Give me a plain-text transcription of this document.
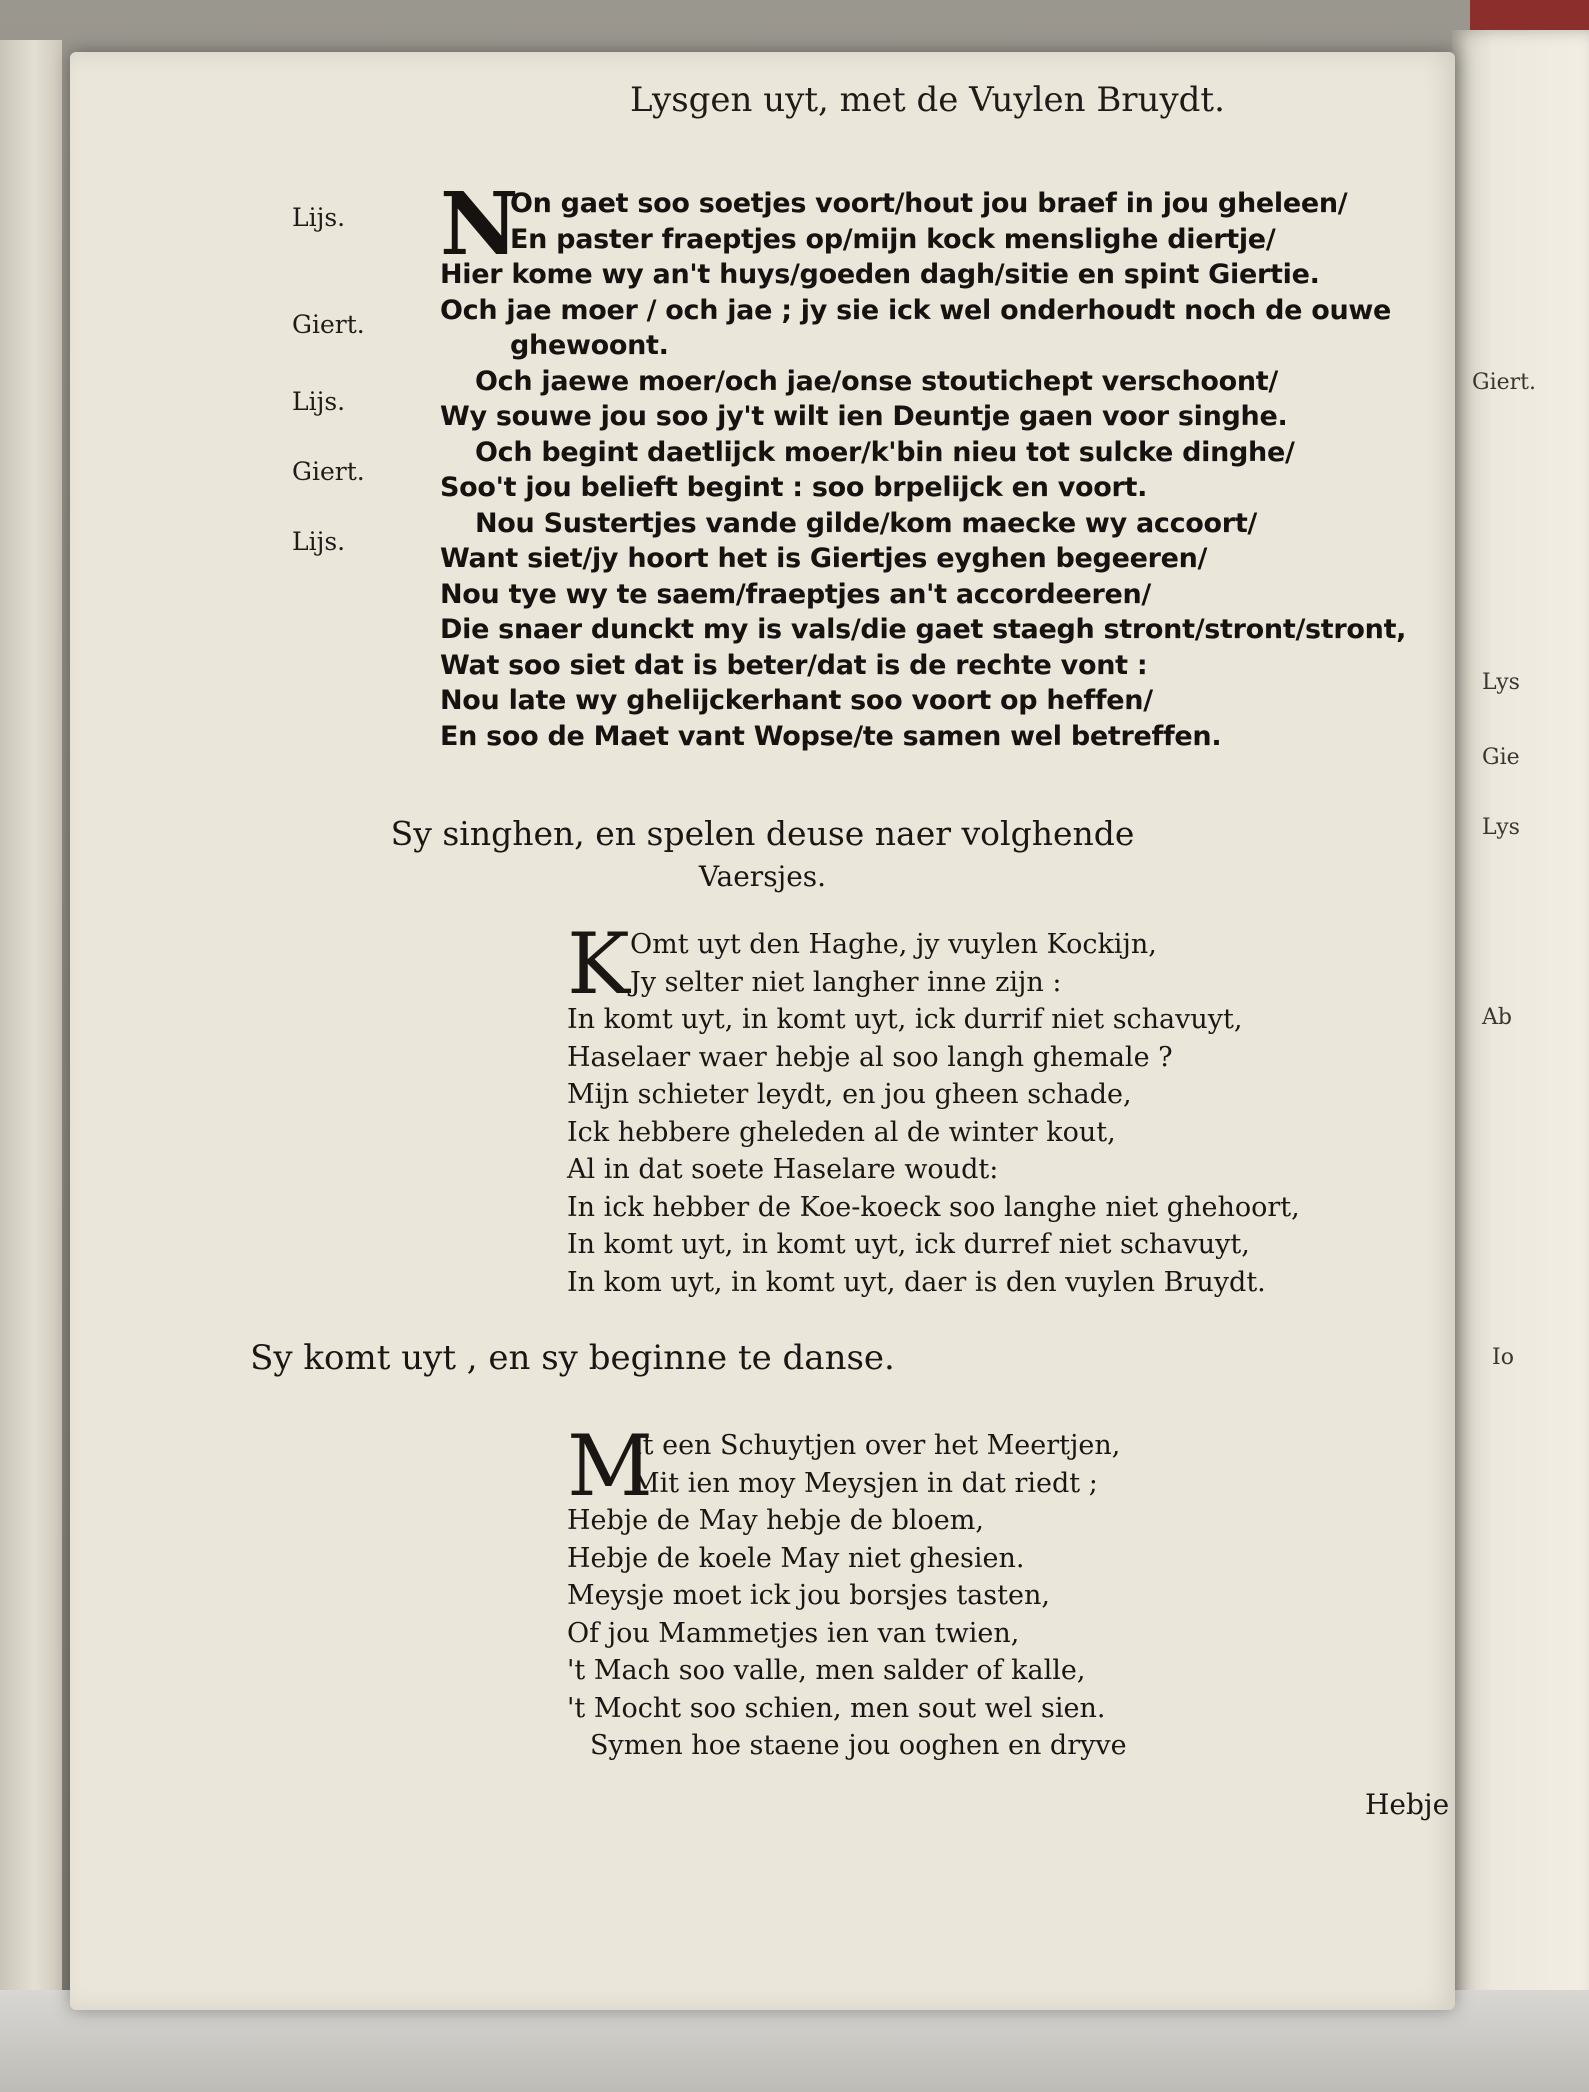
Giert.
Lys
Gie
Lys
Ab
Io
Lysgen uyt, met de Vuylen Bruydt.
Lijs.
Giert.
Lijs.
Giert.
Lijs.
N
On gaet soo soetjes voort/hout jou braef in jou gheleen/
En paster fraeptjes op/mijn kock menslighe diertje/
Hier kome wy an't huys/goeden dagh/sitie en spint Giertie.
Och jae moer / och jae ; jy sie ick wel onderhoudt noch de ouwe
ghewoont.
Och jaewe moer/och jae/onse stoutichept verschoont/
Wy souwe jou soo jy't wilt ien Deuntje gaen voor singhe.
Och begint daetlijck moer/k'bin nieu tot sulcke dinghe/
Soo't jou belieft begint : soo brpelijck en voort.
Nou Sustertjes vande gilde/kom maecke wy accoort/
Want siet/jy hoort het is Giertjes eyghen begeeren/
Nou tye wy te saem/fraeptjes an't accordeeren/
Die snaer dunckt my is vals/die gaet staegh stront/stront/stront,
Wat soo siet dat is beter/dat is de rechte vont :
Nou late wy ghelijckerhant soo voort op heffen/
En soo de Maet vant Wopse/te samen wel betreffen.
Sy singhen, en spelen deuse naer volghende
Vaersjes.
K Omt uyt den Haghe, jy vuylen Kockijn,
Jy selter niet langher inne zijn :
In komt uyt, in komt uyt, ick durrif niet schavuyt,
Haselaer waer hebje al soo langh ghemale ?
Mijn schieter leydt, en jou gheen schade,
Ick hebbere gheleden al de winter kout,
Al in dat soete Haselare woudt:
In ick hebber de Koe-koeck soo langhe niet ghehoort,
In komt uyt, in komt uyt, ick durref niet schavuyt,
In kom uyt, in komt uyt, daer is den vuylen Bruydt.
Sy komt uyt , en sy beginne te danse.
M
It een Schuytjen over het Meertjen,
Mit ien moy Meysjen in dat riedt ;
Hebje de May hebje de bloem,
Hebje de koele May niet ghesien.
Meysje moet ick jou borsjes tasten,
Of jou Mammetjes ien van twien,
't Mach soo valle, men salder of kalle,
't Mocht soo schien, men sout wel sien.
Symen hoe staene jou ooghen en dryve
Hebje
